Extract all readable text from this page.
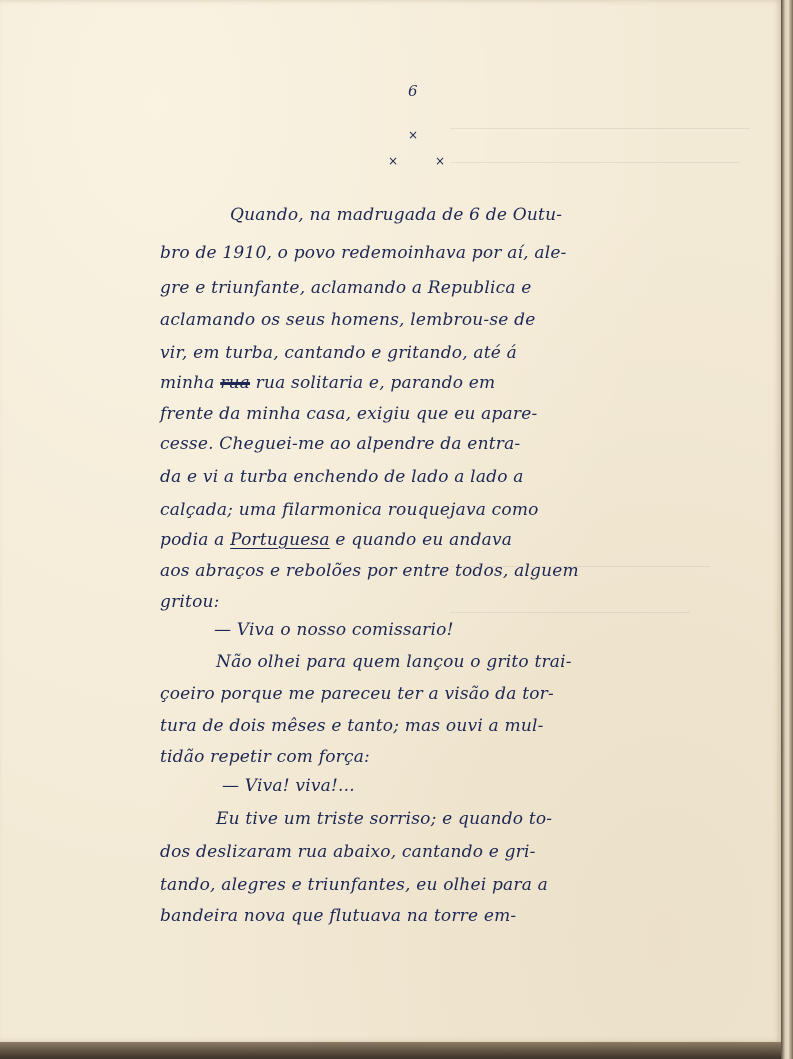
6
×
×	×
Quando, na madrugada de 6 de Outu-
bro de 1910, o povo redemoinhava por aí, ale-
gre e triunfante, aclamando a Republica e
aclamando os seus homens, lembrou-se de
vir, em turba, cantando e gritando, até á
minha rua rua solitaria e, parando em
frente da minha casa, exigiu que eu apare-
cesse. Cheguei-me ao alpendre da entra-
da e vi a turba enchendo de lado a lado a
calçada; uma filarmonica rouquejava como
podia a Portuguesa e quando eu andava
aos abraços e rebolões por entre todos, alguem
gritou:
— Viva o nosso comissario!
Não olhei para quem lançou o grito trai-
çoeiro porque me pareceu ter a visão da tor-
tura de dois mêses e tanto; mas ouvi a mul-
tidão repetir com força:
— Viva! viva!...
Eu tive um triste sorriso; e quando to-
dos deslizaram rua abaixo, cantando e gri-
tando, alegres e triunfantes, eu olhei para a
bandeira nova que flutuava na torre em-
